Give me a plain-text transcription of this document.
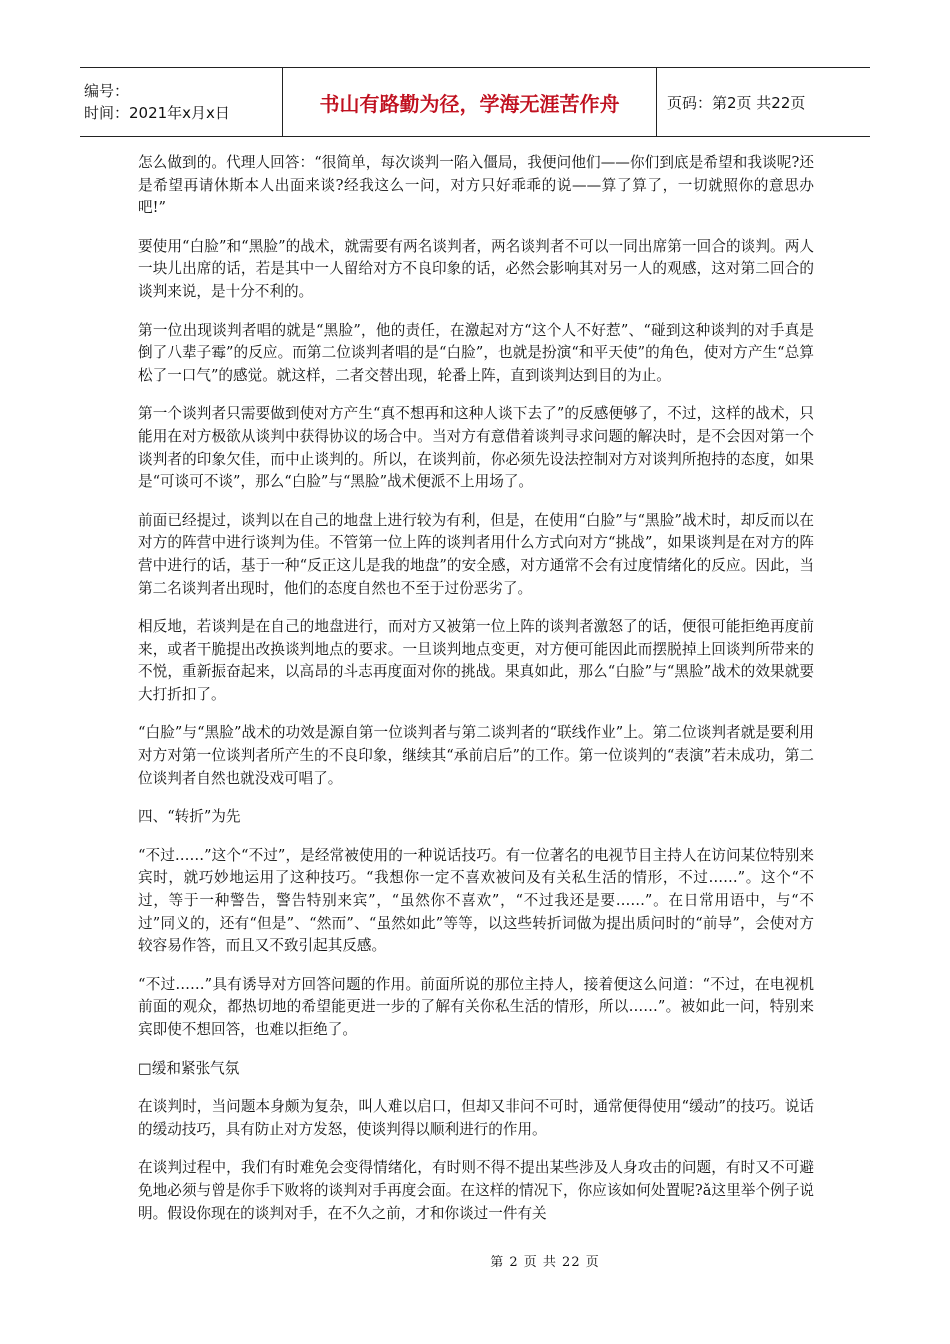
编号：
时间：2021年x月x日	书山有路勤为径，学海无涯苦作舟	页码：第2页 共22页

怎么做到的。代理人回答：“很简单，每次谈判一陷入僵局，我便问他们——你们到底是希望和我谈呢?还是希望再请休斯本人出面来谈?经我这么一问，对方只好乖乖的说——算了算了，一切就照你的意思办吧!”

要使用“白脸”和“黑脸”的战术，就需要有两名谈判者，两名谈判者不可以一同出席第一回合的谈判。两人一块儿出席的话，若是其中一人留给对方不良印象的话，必然会影响其对另一人的观感，这对第二回合的谈判来说，是十分不利的。

第一位出现谈判者唱的就是“黑脸”，他的责任，在激起对方“这个人不好惹”、“碰到这种谈判的对手真是倒了八辈子霉”的反应。而第二位谈判者唱的是“白脸”，也就是扮演“和平天使”的角色，使对方产生“总算松了一口气”的感觉。就这样，二者交替出现，轮番上阵，直到谈判达到目的为止。

第一个谈判者只需要做到使对方产生“真不想再和这种人谈下去了”的反感便够了，不过，这样的战术，只能用在对方极欲从谈判中获得协议的场合中。当对方有意借着谈判寻求问题的解决时，是不会因对第一个谈判者的印象欠佳，而中止谈判的。所以，在谈判前，你必须先设法控制对方对谈判所抱持的态度，如果是“可谈可不谈”，那么“白脸”与“黑脸”战术便派不上用场了。

前面已经提过，谈判以在自己的地盘上进行较为有利，但是，在使用“白脸”与“黑脸”战术时，却反而以在对方的阵营中进行谈判为佳。不管第一位上阵的谈判者用什么方式向对方“挑战”，如果谈判是在对方的阵营中进行的话，基于一种“反正这儿是我的地盘”的安全感，对方通常不会有过度情绪化的反应。因此，当第二名谈判者出现时，他们的态度自然也不至于过份恶劣了。

相反地，若谈判是在自己的地盘进行，而对方又被第一位上阵的谈判者激怒了的话，便很可能拒绝再度前来，或者干脆提出改换谈判地点的要求。一旦谈判地点变更，对方便可能因此而摆脱掉上回谈判所带来的不悦，重新振奋起来，以高昂的斗志再度面对你的挑战。果真如此，那么“白脸”与“黑脸”战术的效果就要大打折扣了。

“白脸”与“黑脸”战术的功效是源自第一位谈判者与第二谈判者的“联线作业”上。第二位谈判者就是要利用 对方对第一位谈判者所产生的不良印象，继续其“承前启后”的工作。第一位谈判的“表演”若未成功，第二位谈判者自然也就没戏可唱了。

四、“转折”为先

“不过……”这个“不过”，是经常被使用的一种说话技巧。有一位著名的电视节目主持人在访问某位特别来宾时，就巧妙地运用了这种技巧。“我想你一定不喜欢被问及有关私生活的情形，不过……”。这个“不过，等于一种警告，警告特别来宾”，“虽然你不喜欢”，“不过我还是要……”。在日常用语中，与“不过”同义的，还有“但是”、“然而”、“虽然如此”等等，以这些转折词做为提出质问时的“前导”，会使对方较容易作答，而且又不致引起其反感。

“不过……”具有诱导对方回答问题的作用。前面所说的那位主持人，接着便这么问道：“不过，在电视机前面的观众，都热切地的希望能更进一步的了解有关你私生活的情形，所以……”。被如此一问，特别来宾即使不想回答，也难以拒绝了。

□缓和紧张气氛

在谈判时，当问题本身颇为复杂，叫人难以启口，但却又非问不可时，通常便得使用“缓动”的技巧。说话的缓动技巧，具有防止对方发怒，使谈判得以顺利进行的作用。

在谈判过程中，我们有时难免会变得情绪化，有时则不得不提出某些涉及人身攻击的问题，有时又不可避免地必须与曾是你手下败将的谈判对手再度会面。在这样的情况下，你应该如何处置呢?ǎ这里举个例子说明。假设你现在的谈判对手，在不久之前，才和你谈过一件有关

第 2 页 共 22 页
